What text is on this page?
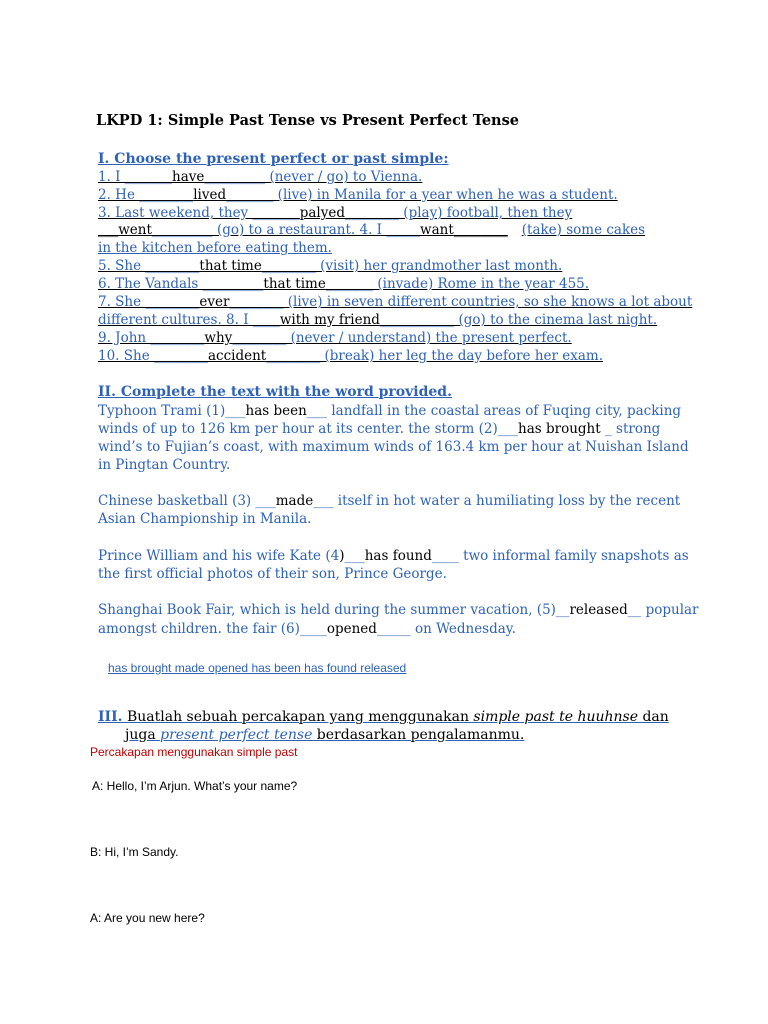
LKPD 1: Simple Past Tense vs Present Perfect Tense
I. Choose the present perfect or past simple:
1. I _______have_________ (never / go) to Vienna.
2. He ________lived_______ (live) in Manila for a year when he was a student.
3. Last weekend, they _______palyed________ (play) football, then they
___went_________ (go) to a restaurant. 4. I _____want________ (take) some cakes
in the kitchen before eating them.
5. She ________that time________ (visit) her grandmother last month.
6. The Vandals _________that time_______ (invade) Rome in the year 455.
7. She ________ever________ (live) in seven different countries, so she knows a lot about
different cultures. 8. I ____with my friend___________ (go) to the cinema last night.
9. John ________why________ (never / understand) the present perfect.
10. She ________accident________ (break) her leg the day before her exam.
II. Complete the text with the word provided.
Typhoon Trami (1)___has been___ landfall in the coastal areas of Fuqing city, packing
winds of up to 126 km per hour at its center. the storm (2)___has brought _ strong
wind’s to Fujian’s coast, with maximum winds of 163.4 km per hour at Nuishan Island
in Pingtan Country.
Chinese basketball (3) ___made___ itself in hot water a humiliating loss by the recent
Asian Championship in Manila.
Prince William and his wife Kate (4)___has found____ two informal family snapshots as
the first official photos of their son, Prince George.
Shanghai Book Fair, which is held during the summer vacation, (5)__released__ popular
amongst children. the fair (6)____opened_____ on Wednesday.
has brought made opened has been has found released
III. Buatlah sebuah percakapan yang menggunakan simple past te huuhnse dan
juga present perfect tense berdasarkan pengalamanmu.
Percakapan menggunakan simple past
A: Hello, I’m Arjun. What’s your name?
B: Hi, I’m Sandy.
A: Are you new here?
